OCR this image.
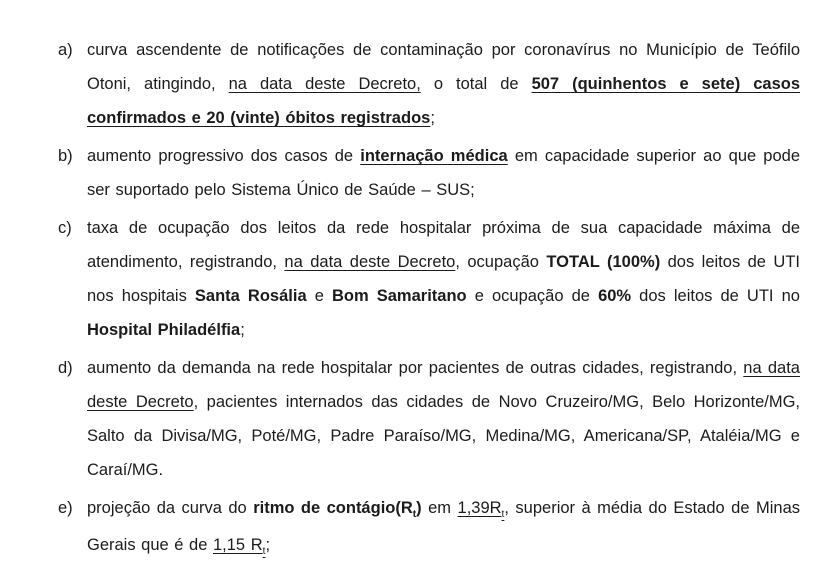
a) curva ascendente de notificações de contaminação por coronavírus no Município de Teófilo Otoni, atingindo, na data deste Decreto, o total de 507 (quinhentos e sete) casos confirmados e 20 (vinte) óbitos registrados;
b) aumento progressivo dos casos de internação médica em capacidade superior ao que pode ser suportado pelo Sistema Único de Saúde – SUS;
c) taxa de ocupação dos leitos da rede hospitalar próxima de sua capacidade máxima de atendimento, registrando, na data deste Decreto, ocupação TOTAL (100%) dos leitos de UTI nos hospitais Santa Rosália e Bom Samaritano e ocupação de 60% dos leitos de UTI no Hospital Philadélfia;
d) aumento da demanda na rede hospitalar por pacientes de outras cidades, registrando, na data deste Decreto, pacientes internados das cidades de Novo Cruzeiro/MG, Belo Horizonte/MG, Salto da Divisa/MG, Poté/MG, Padre Paraíso/MG, Medina/MG, Americana/SP, Ataléia/MG e Caraí/MG.
e) projeção da curva do ritmo de $contágio(R_t)$ em $1,39R_t$, superior à média do Estado de Minas Gerais que é de 1,15 $R_t$;
